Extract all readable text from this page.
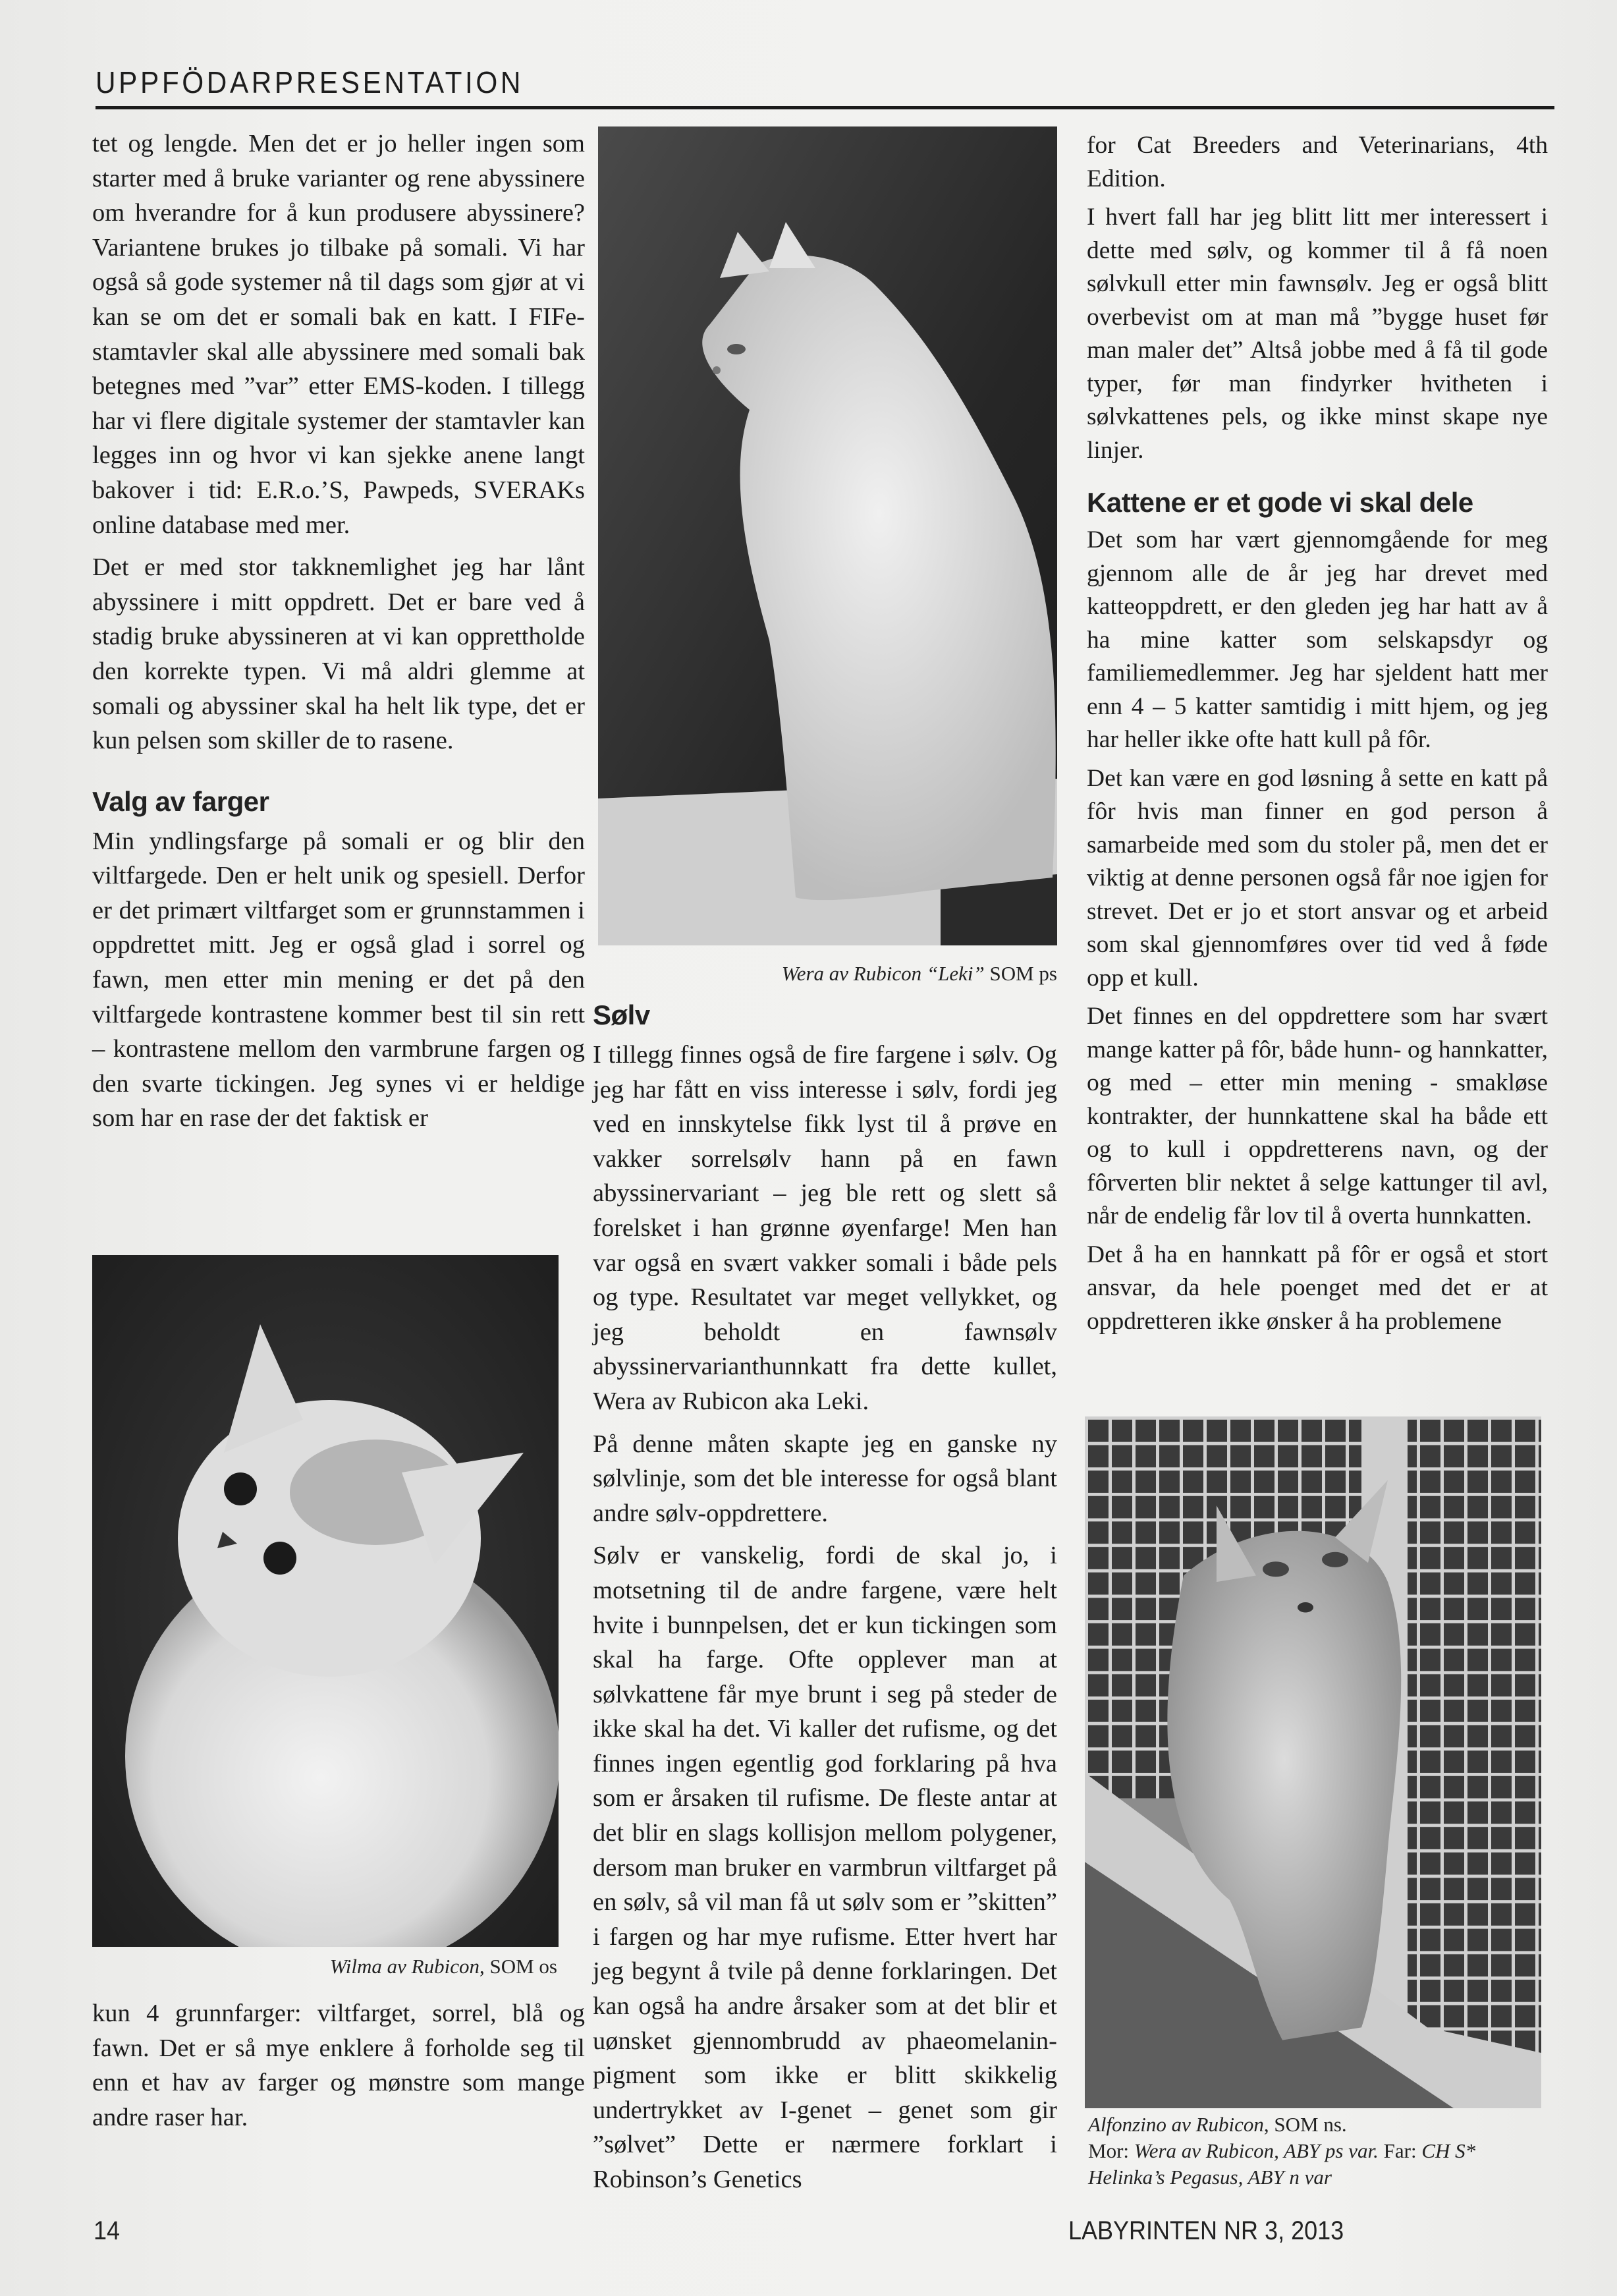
UPPFÖDARPRESENTATION

tet og lengde. Men det er jo heller ingen som starter med å bruke varianter og rene abyssinere om hverandre for å kun produsere abyssinere? Variantene brukes jo tilbake på somali. Vi har også så gode systemer nå til dags som gjør at vi kan se om det er somali bak en katt. I FIFe-stamtavler skal alle abyssinere med somali bak betegnes med ”var” etter EMS-koden. I tillegg har vi flere digitale systemer der stamtavler kan legges inn og hvor vi kan sjekke anene langt bakover i tid: E.R.o.’S, Pawpeds, SVERAKs online database med mer.

Det er med stor takknemlighet jeg har lånt abyssinere i mitt oppdrett. Det er bare ved å stadig bruke abyssineren at vi kan opprettholde den korrekte typen. Vi må aldri glemme at somali og abyssiner skal ha helt lik type, det er kun pelsen som skiller de to rasene.

Valg av farger

Min yndlingsfarge på somali er og blir den viltfargede. Den er helt unik og spesiell. Derfor er det primært viltfarget som er grunnstammen i oppdrettet mitt. Jeg er også glad i sorrel og fawn, men etter min mening er det på den viltfargede kontrastene kommer best til sin rett – kontrastene mellom den varmbrune fargen og den svarte tickingen. Jeg synes vi er heldige som har en rase der det faktisk er

Wilma av Rubicon, SOM os

kun 4 grunnfarger: viltfarget, sorrel, blå og fawn. Det er så mye enklere å forholde seg til enn et hav av farger og mønstre som mange andre raser har.

Wera av Rubicon “Leki” SOM ps
Sølv

I tillegg finnes også de fire fargene i sølv. Og jeg har fått en viss interesse i sølv, fordi jeg ved en innskytelse fikk lyst til å prøve en vakker sorrelsølv hann på en fawn abyssinervariant – jeg ble rett og slett så forelsket i han grønne øyenfarge! Men han var også en svært vakker somali i både pels og type. Resultatet var meget vellykket, og jeg beholdt en fawnsølv abyssinervarianthunnkatt fra dette kullet, Wera av Rubicon aka Leki.

På denne måten skapte jeg en ganske ny sølvlinje, som det ble interesse for også blant andre sølv-oppdrettere.

Sølv er vanskelig, fordi de skal jo, i motsetning til de andre fargene, være helt hvite i bunnpelsen, det er kun tickingen som skal ha farge. Ofte opplever man at sølvkattene får mye brunt i seg på steder de ikke skal ha det. Vi kaller det rufisme, og det finnes ingen egentlig god forklaring på hva som er årsaken til rufisme. De fleste antar at det blir en slags kollisjon mellom polygener, dersom man bruker en varmbrun viltfarget på en sølv, så vil man få ut sølv som er ”skitten” i fargen og har mye rufisme. Etter hvert har jeg begynt å tvile på denne forklaringen. Det kan også ha andre årsaker som at det blir et uønsket gjennombrudd av phaeomelanin-pigment som ikke er blitt skikkelig undertrykket av I-genet – genet som gir ”sølvet” Dette er nærmere forklart i Robinson’s Genetics

for Cat Breeders and Veterinarians, 4th Edition.

I hvert fall har jeg blitt litt mer interessert i dette med sølv, og kommer til å få noen sølvkull etter min fawnsølv. Jeg er også blitt overbevist om at man må ”bygge huset før man maler det” Altså jobbe med å få til gode typer, før man findyrker hvitheten i sølvkattenes pels, og ikke minst skape nye linjer.

Kattene er et gode vi skal dele

Det som har vært gjennomgående for meg gjennom alle de år jeg har drevet med katteoppdrett, er den gleden jeg har hatt av å ha mine katter som selskapsdyr og familiemedlemmer. Jeg har sjeldent hatt mer enn 4 – 5 katter samtidig i mitt hjem, og jeg har heller ikke ofte hatt kull på fôr.

Det kan være en god løsning å sette en katt på fôr hvis man finner en god person å samarbeide med som du stoler på, men det er viktig at denne personen også får noe igjen for strevet. Det er jo et stort ansvar og et arbeid som skal gjennomføres over tid ved å føde opp et kull.

Det finnes en del oppdrettere som har svært mange katter på fôr, både hunn- og hannkatter, og med – etter min mening - smakløse kontrakter, der hunnkattene skal ha både ett og to kull i oppdretterens navn, og der fôrverten blir nektet å selge kattunger til avl, når de endelig får lov til å overta hunnkatten.

Det å ha en hannkatt på fôr er også et stort ansvar, da hele poenget med det er at oppdretteren ikke ønsker å ha problemene

Alfonzino av Rubicon, SOM ns.
Mor: Wera av Rubicon, ABY ps var. Far: CH S* Helinka’s Pegasus, ABY n var
14	LABYRINTEN NR 3, 2013
